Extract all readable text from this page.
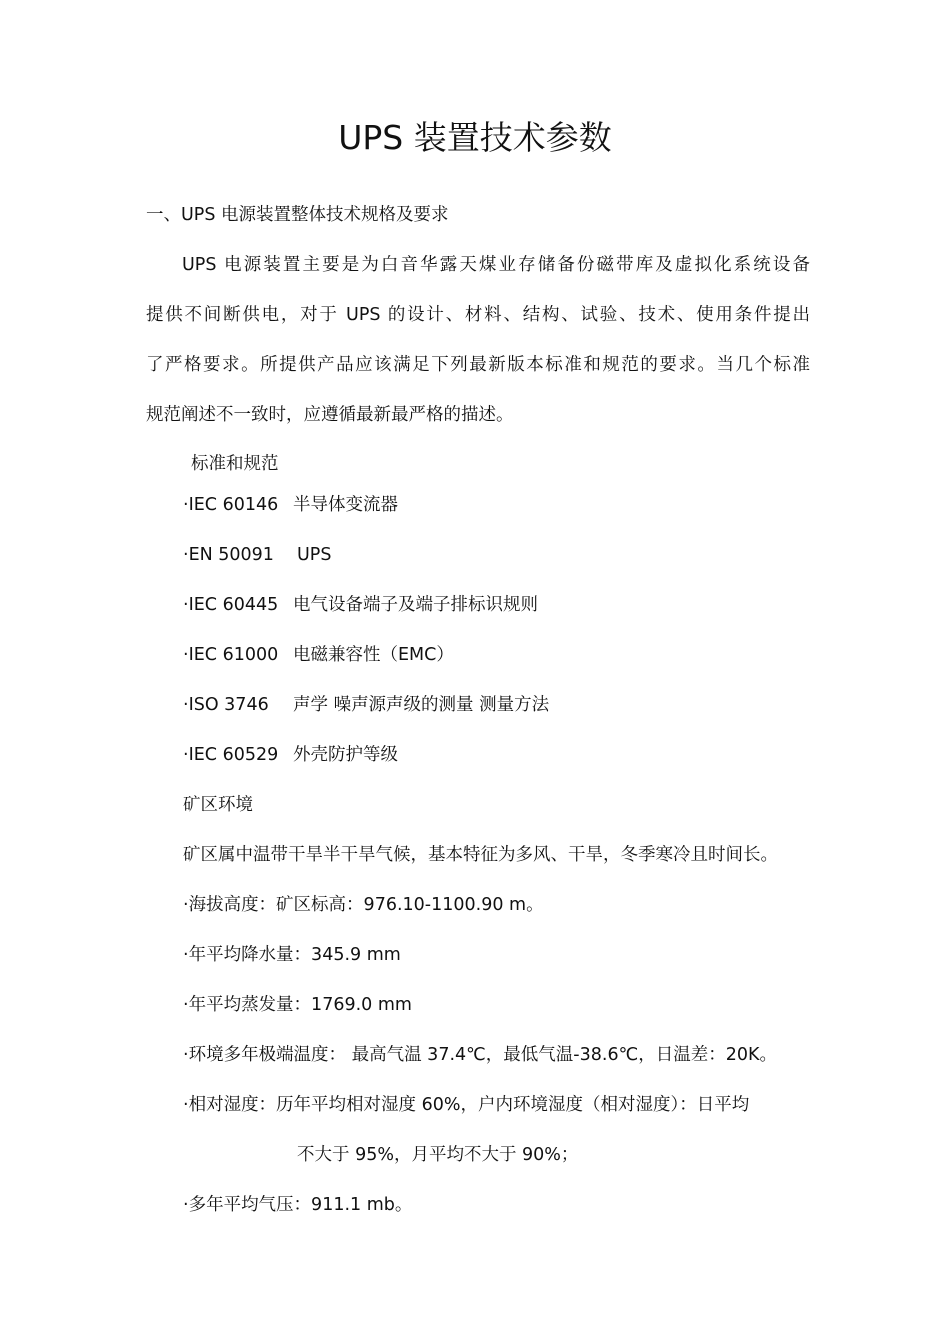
UPS 装置技术参数
一、UPS 电源装置整体技术规格及要求
UPS 电源装置主要是为白音华露天煤业存储备份磁带库及虚拟化系统设备
提供不间断供电，对于 UPS 的设计、材料、结构、试验、技术、使用条件提出
了严格要求。所提供产品应该满足下列最新版本标准和规范的要求。当几个标准
规范阐述不一致时，应遵循最新最严格的描述。
标准和规范
·IEC 60146 半导体变流器
·EN 50091 UPS
·IEC 60445 电气设备端子及端子排标识规则
·IEC 61000 电磁兼容性（EMC）
·ISO 3746 声学 噪声源声级的测量 测量方法
·IEC 60529 外壳防护等级
矿区环境
矿区属中温带干旱半干旱气候，基本特征为多风、干旱，冬季寒冷且时间长。
·海拔高度：矿区标高：976.10-1100.90 m。
·年平均降水量：345.9 mm
·年平均蒸发量：1769.0 mm
·环境多年极端温度： 最高气温 37.4℃，最低气温-38.6℃，日温差：20K。
·相对湿度：历年平均相对湿度 60%，户内环境湿度（相对湿度）：日平均
不大于 95%，月平均不大于 90%；
·多年平均气压：911.1 mb。
